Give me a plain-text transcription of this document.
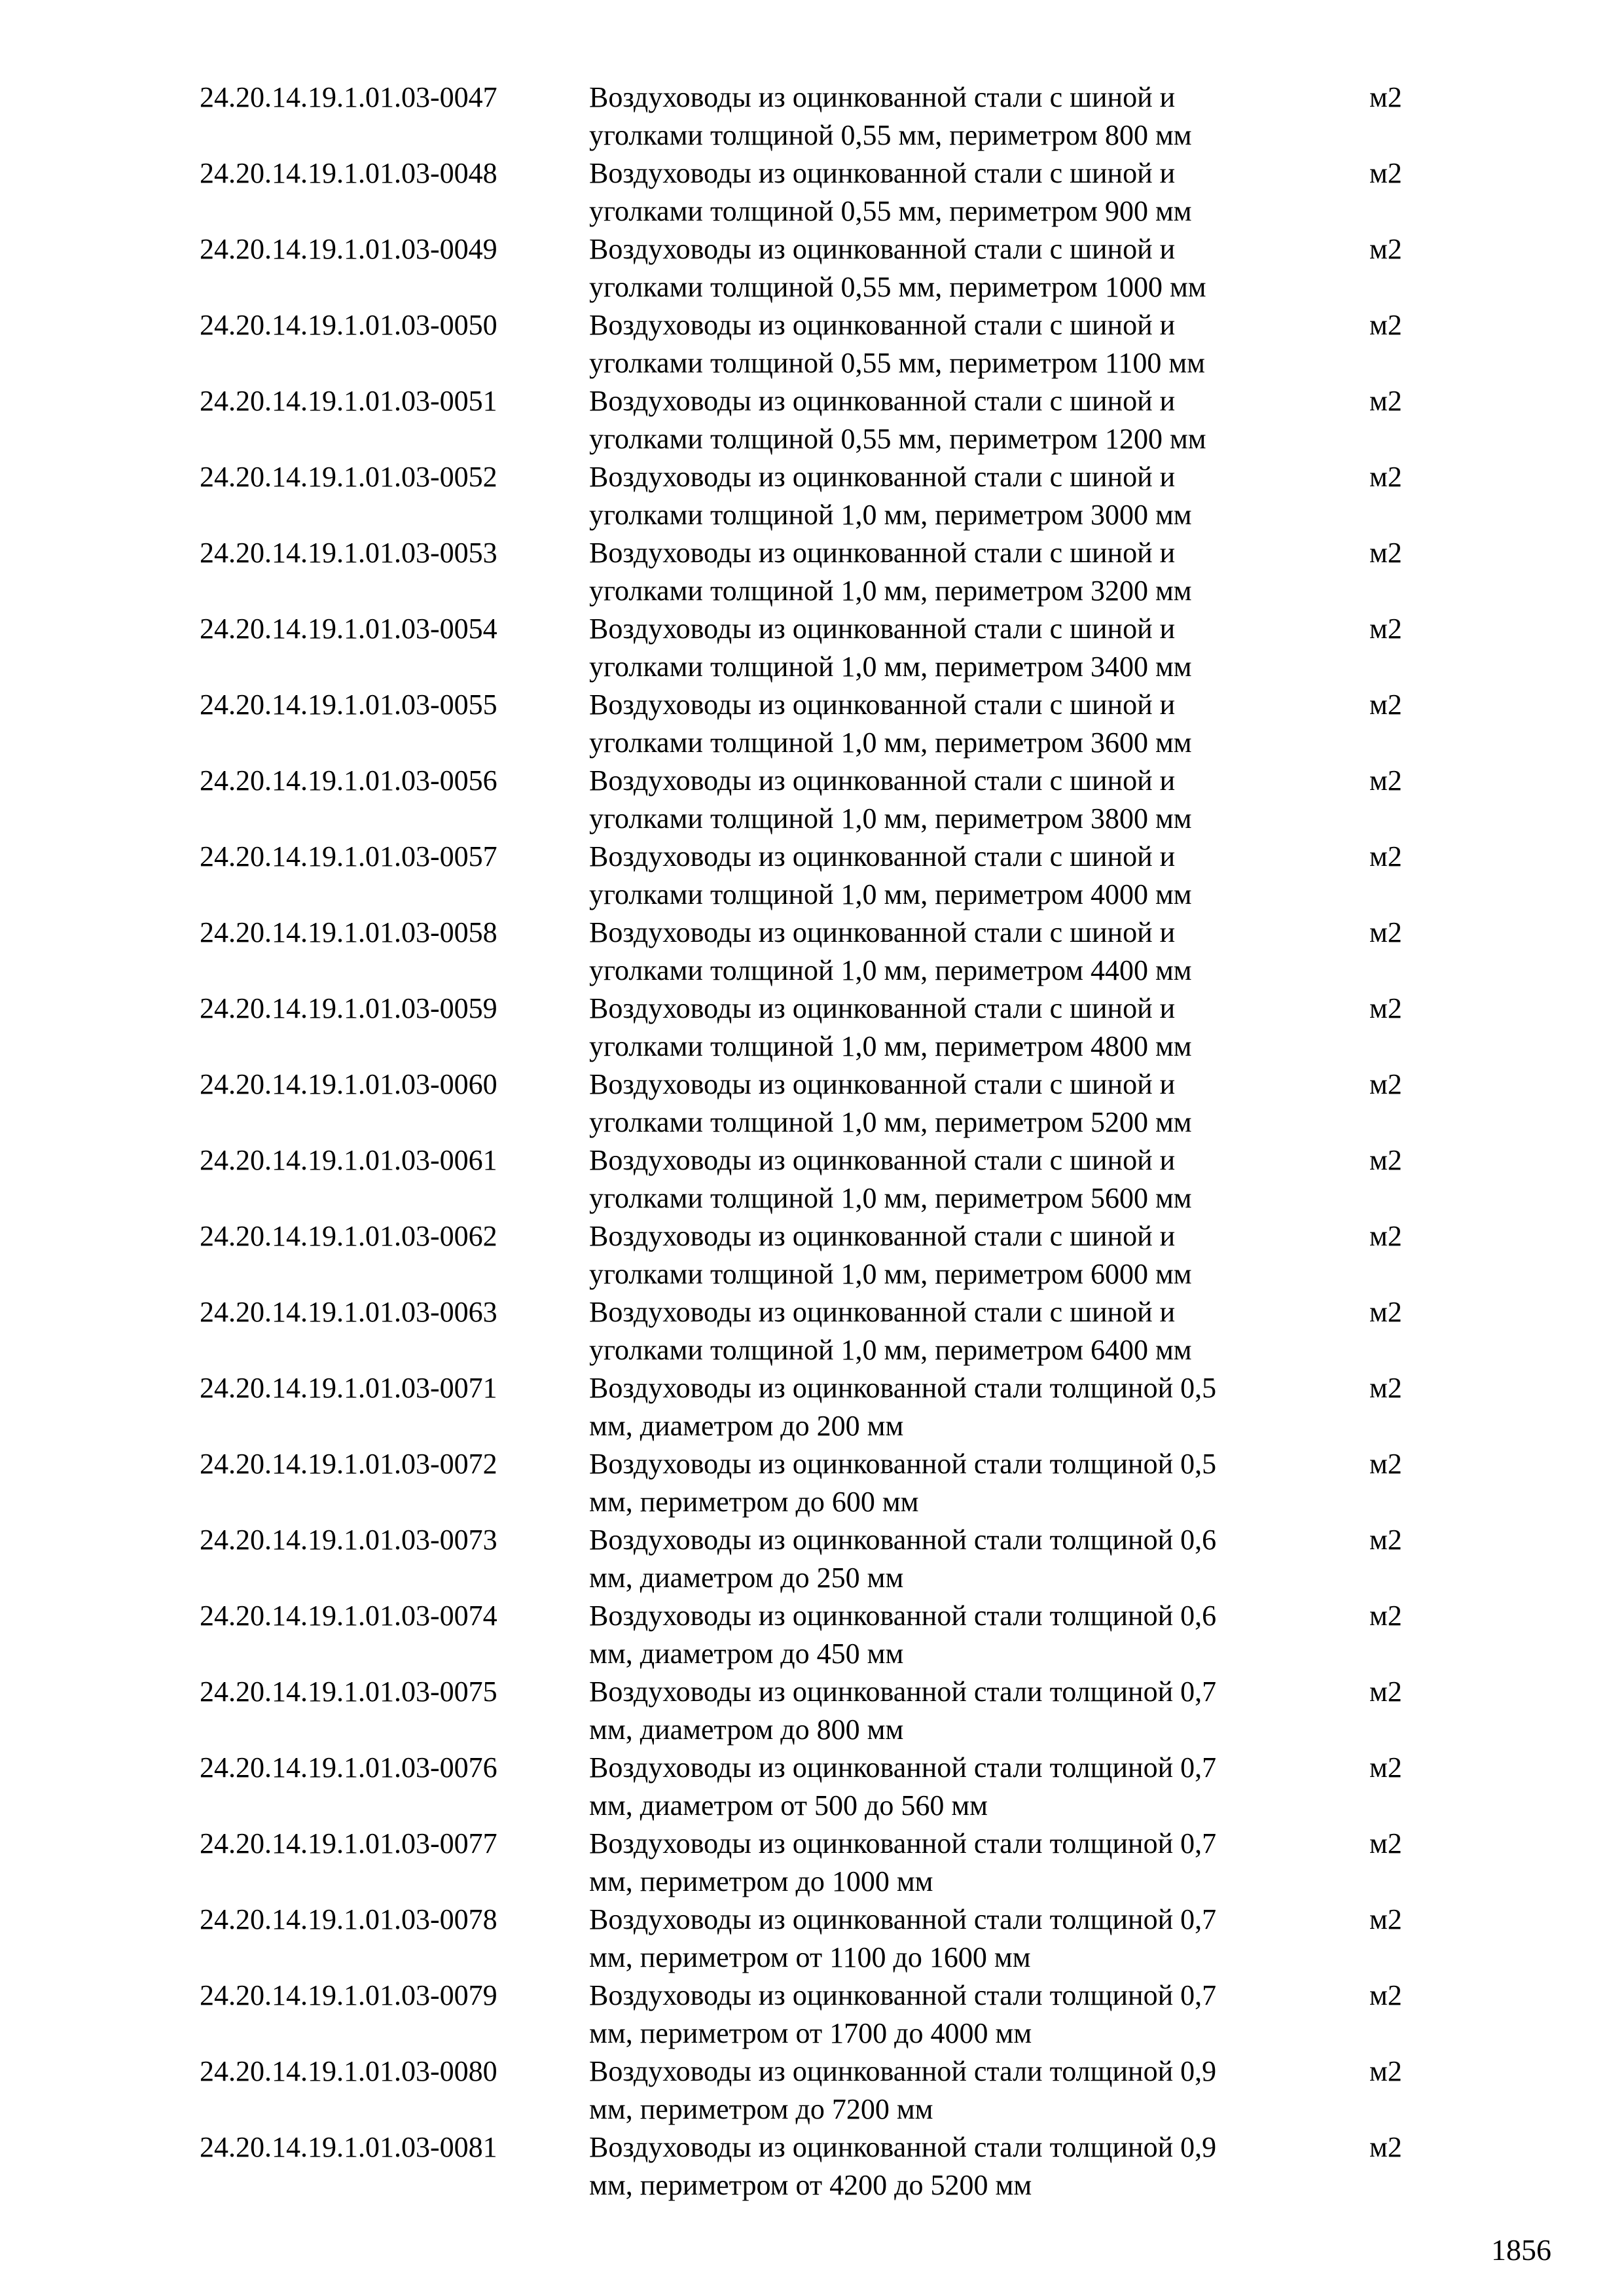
24.20.14.19.1.01.03-0047	Воздуховоды из оцинкованной стали с шиной и
уголками толщиной 0,55 мм, периметром 800 мм
м2
24.20.14.19.1.01.03-0048	Воздуховоды из оцинкованной стали с шиной и
уголками толщиной 0,55 мм, периметром 900 мм
м2
24.20.14.19.1.01.03-0049	Воздуховоды из оцинкованной стали с шиной и
уголками толщиной 0,55 мм, периметром 1000 мм
м2
24.20.14.19.1.01.03-0050	Воздуховоды из оцинкованной стали с шиной и
уголками толщиной 0,55 мм, периметром 1100 мм
м2
24.20.14.19.1.01.03-0051	Воздуховоды из оцинкованной стали с шиной и
уголками толщиной 0,55 мм, периметром 1200 мм
м2
24.20.14.19.1.01.03-0052	Воздуховоды из оцинкованной стали с шиной и
уголками толщиной 1,0 мм, периметром 3000 мм
м2
24.20.14.19.1.01.03-0053	Воздуховоды из оцинкованной стали с шиной и
уголками толщиной 1,0 мм, периметром 3200 мм
м2
24.20.14.19.1.01.03-0054	Воздуховоды из оцинкованной стали с шиной и
уголками толщиной 1,0 мм, периметром 3400 мм
м2
24.20.14.19.1.01.03-0055	Воздуховоды из оцинкованной стали с шиной и
уголками толщиной 1,0 мм, периметром 3600 мм
м2
24.20.14.19.1.01.03-0056	Воздуховоды из оцинкованной стали с шиной и
уголками толщиной 1,0 мм, периметром 3800 мм
м2
24.20.14.19.1.01.03-0057	Воздуховоды из оцинкованной стали с шиной и
уголками толщиной 1,0 мм, периметром 4000 мм
м2
24.20.14.19.1.01.03-0058	Воздуховоды из оцинкованной стали с шиной и
уголками толщиной 1,0 мм, периметром 4400 мм
м2
24.20.14.19.1.01.03-0059	Воздуховоды из оцинкованной стали с шиной и
уголками толщиной 1,0 мм, периметром 4800 мм
м2
24.20.14.19.1.01.03-0060	Воздуховоды из оцинкованной стали с шиной и
уголками толщиной 1,0 мм, периметром 5200 мм
м2
24.20.14.19.1.01.03-0061	Воздуховоды из оцинкованной стали с шиной и
уголками толщиной 1,0 мм, периметром 5600 мм
м2
24.20.14.19.1.01.03-0062	Воздуховоды из оцинкованной стали с шиной и
уголками толщиной 1,0 мм, периметром 6000 мм
м2
24.20.14.19.1.01.03-0063	Воздуховоды из оцинкованной стали с шиной и
уголками толщиной 1,0 мм, периметром 6400 мм
м2
24.20.14.19.1.01.03-0071	Воздуховоды из оцинкованной стали толщиной 0,5
мм, диаметром до 200 мм
м2
24.20.14.19.1.01.03-0072	Воздуховоды из оцинкованной стали толщиной 0,5
мм, периметром до 600 мм
м2
24.20.14.19.1.01.03-0073	Воздуховоды из оцинкованной стали толщиной 0,6
мм, диаметром до 250 мм
м2
24.20.14.19.1.01.03-0074	Воздуховоды из оцинкованной стали толщиной 0,6
мм, диаметром до 450 мм
м2
24.20.14.19.1.01.03-0075	Воздуховоды из оцинкованной стали толщиной 0,7
мм, диаметром до 800 мм
м2
24.20.14.19.1.01.03-0076	Воздуховоды из оцинкованной стали толщиной 0,7
мм, диаметром от 500 до 560 мм
м2
24.20.14.19.1.01.03-0077	Воздуховоды из оцинкованной стали толщиной 0,7
мм, периметром до 1000 мм
м2
24.20.14.19.1.01.03-0078	Воздуховоды из оцинкованной стали толщиной 0,7
мм, периметром от 1100 до 1600 мм
м2
24.20.14.19.1.01.03-0079	Воздуховоды из оцинкованной стали толщиной 0,7
мм, периметром от 1700 до 4000 мм
м2
24.20.14.19.1.01.03-0080	Воздуховоды из оцинкованной стали толщиной 0,9
мм, периметром до 7200 мм
м2
24.20.14.19.1.01.03-0081	Воздуховоды из оцинкованной стали толщиной 0,9
мм, периметром от 4200 до 5200 мм
м2
1856
